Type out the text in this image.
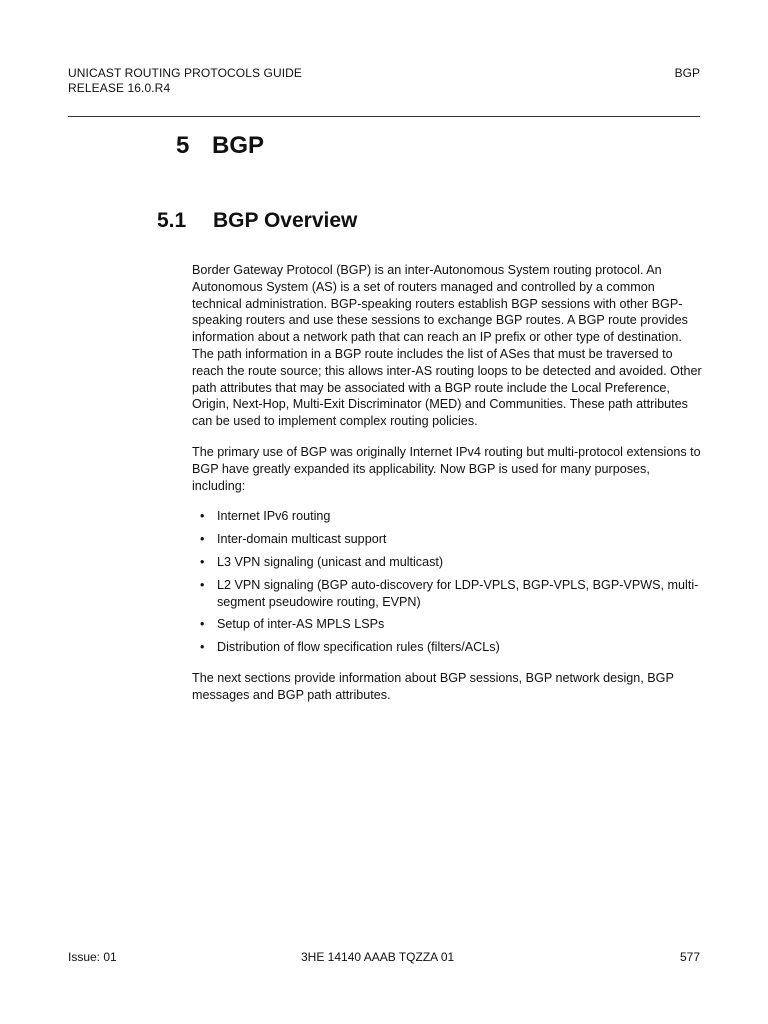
UNICAST ROUTING PROTOCOLS GUIDE
RELEASE 16.0.R4
BGP
5 BGP
5.1 BGP Overview

Border Gateway Protocol (BGP) is an inter-Autonomous System routing protocol. An Autonomous System (AS) is a set of routers managed and controlled by a common technical administration. BGP-speaking routers establish BGP sessions with other BGP-speaking routers and use these sessions to exchange BGP routes. A BGP route provides information about a network path that can reach an IP prefix or other type of destination. The path information in a BGP route includes the list of ASes that must be traversed to reach the route source; this allows inter-AS routing loops to be detected and avoided. Other path attributes that may be associated with a BGP route include the Local Preference, Origin, Next-Hop, Multi-Exit Discriminator (MED) and Communities. These path attributes can be used to implement complex routing policies.

The primary use of BGP was originally Internet IPv4 routing but multi-protocol extensions to BGP have greatly expanded its applicability. Now BGP is used for many purposes, including:

• Internet IPv6 routing
• Inter-domain multicast support
• L3 VPN signaling (unicast and multicast)
• L2 VPN signaling (BGP auto-discovery for LDP-VPLS, BGP-VPLS, BGP-VPWS, multi-segment pseudowire routing, EVPN)
• Setup of inter-AS MPLS LSPs
• Distribution of flow specification rules (filters/ACLs)

The next sections provide information about BGP sessions, BGP network design, BGP messages and BGP path attributes.

Issue: 01	3HE 14140 AAAB TQZZA 01	577
